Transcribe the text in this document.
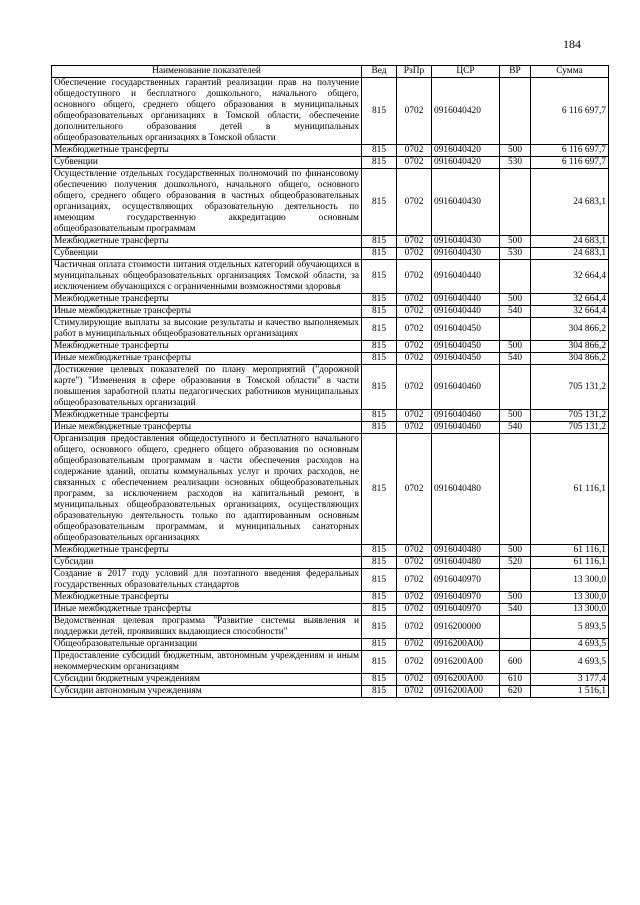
184
Наименование показателей	Вед	РзПр	ЦСР	ВР	Сумма
Обеспечение государственных гарантий реализации прав на получение общедоступного и бесплатного дошкольного, начального общего, основного общего, среднего общего образования в муниципальных общеобразовательных организациях в Томской области, обеспечение дополнительного образования детей в муниципальных общеобразовательных организациях в Томской области	815	0702	0916040420		6 116 697,7
Межбюджетные трансферты	815	0702	0916040420	500	6 116 697,7
Субвенции	815	0702	0916040420	530	6 116 697,7
Осуществление отдельных государственных полномочий по финансовому обеспечению получения дошкольного, начального общего, основного общего, среднего общего образования в частных общеобразовательных организациях, осуществляющих образовательную деятельность по имеющим государственную аккредитацию основным общеобразовательным программам	815	0702	0916040430		24 683,1
Межбюджетные трансферты	815	0702	0916040430	500	24 683,1
Субвенции	815	0702	0916040430	530	24 683,1
Частичная оплата стоимости питания отдельных категорий обучающихся в муниципальных общеобразовательных организациях Томской области, за исключением обучающихся с ограниченными возможностями здоровья	815	0702	0916040440		32 664,4
Межбюджетные трансферты	815	0702	0916040440	500	32 664,4
Иные межбюджетные трансферты	815	0702	0916040440	540	32 664,4
Стимулирующие выплаты за высокие результаты и качество выполняемых работ в муниципальных общеобразовательных организациях	815	0702	0916040450		304 866,2
Межбюджетные трансферты	815	0702	0916040450	500	304 866,2
Иные межбюджетные трансферты	815	0702	0916040450	540	304 866,2
Достижение целевых показателей по плану мероприятий ("дорожной карте") "Изменения в сфере образования в Томской области" в части повышения заработной платы педагогических работников муниципальных общеобразовательных организаций	815	0702	0916040460		705 131,2
Межбюджетные трансферты	815	0702	0916040460	500	705 131,2
Иные межбюджетные трансферты	815	0702	0916040460	540	705 131,2
Организация предоставления общедоступного и бесплатного начального общего, основного общего, среднего общего образования по основным общеобразовательным программам в части обеспечения расходов на содержание зданий, оплаты коммунальных услуг и прочих расходов, не связанных с обеспечением реализации основных общеобразовательных программ, за исключением расходов на капитальный ремонт, в муниципальных общеобразовательных организациях, осуществляющих образовательную деятельность только по адаптированным основным общеобразовательным программам, и муниципальных санаторных общеобразовательных организациях	815	0702	0916040480		61 116,1
Межбюджетные трансферты	815	0702	0916040480	500	61 116,1
Субсидии	815	0702	0916040480	520	61 116,1
Создание в 2017 году условий для поэтапного введения федеральных государственных образовательных стандартов	815	0702	0916040970		13 300,0
Межбюджетные трансферты	815	0702	0916040970	500	13 300,0
Иные межбюджетные трансферты	815	0702	0916040970	540	13 300,0
Ведомственная целевая программа "Развитие системы выявления и поддержки детей, проявивших выдающиеся способности"	815	0702	0916200000		5 893,5
Общеобразовательные организации	815	0702	0916200А00		4 693,5
Предоставление субсидий бюджетным, автономным учреждениям и иным некоммерческим организациям	815	0702	0916200А00	600	4 693,5
Субсидии бюджетным учреждениям	815	0702	0916200А00	610	3 177,4
Субсидии автономным учреждениям	815	0702	0916200А00	620	1 516,1
